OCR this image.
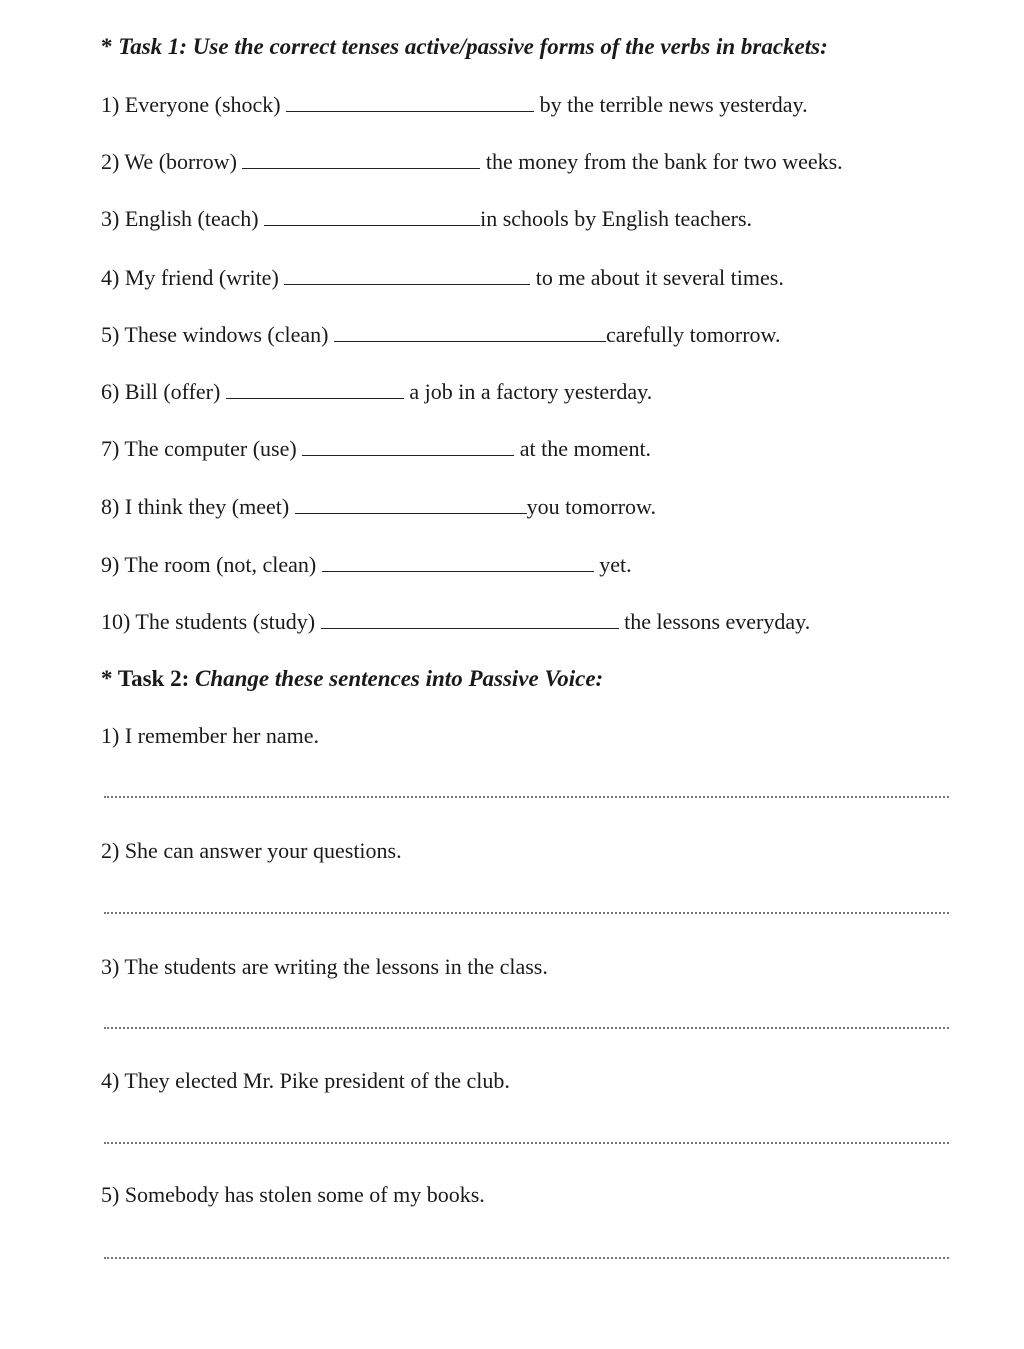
* Task 1: Use the correct tenses active/passive forms of the verbs in brackets:
1) Everyone (shock)	by the terrible news yesterday.
2) We (borrow)	the money from the bank for two weeks.
3) English (teach)	in schools by English teachers.
4) My friend (write)	to me about it several times.
5) These windows (clean)	carefully tomorrow.
6) Bill (offer)	a job in a factory yesterday.
7) The computer (use)	at the moment.
8) I think they (meet)	you tomorrow.
9) The room (not, clean)	yet.
10) The students (study)	the lessons everyday.
* Task 2: Change these sentences into Passive Voice:
1) I remember her name.
2) She can answer your questions.
3) The students are writing the lessons in the class.
4) They elected Mr. Pike president of the club.
5) Somebody has stolen some of my books.
